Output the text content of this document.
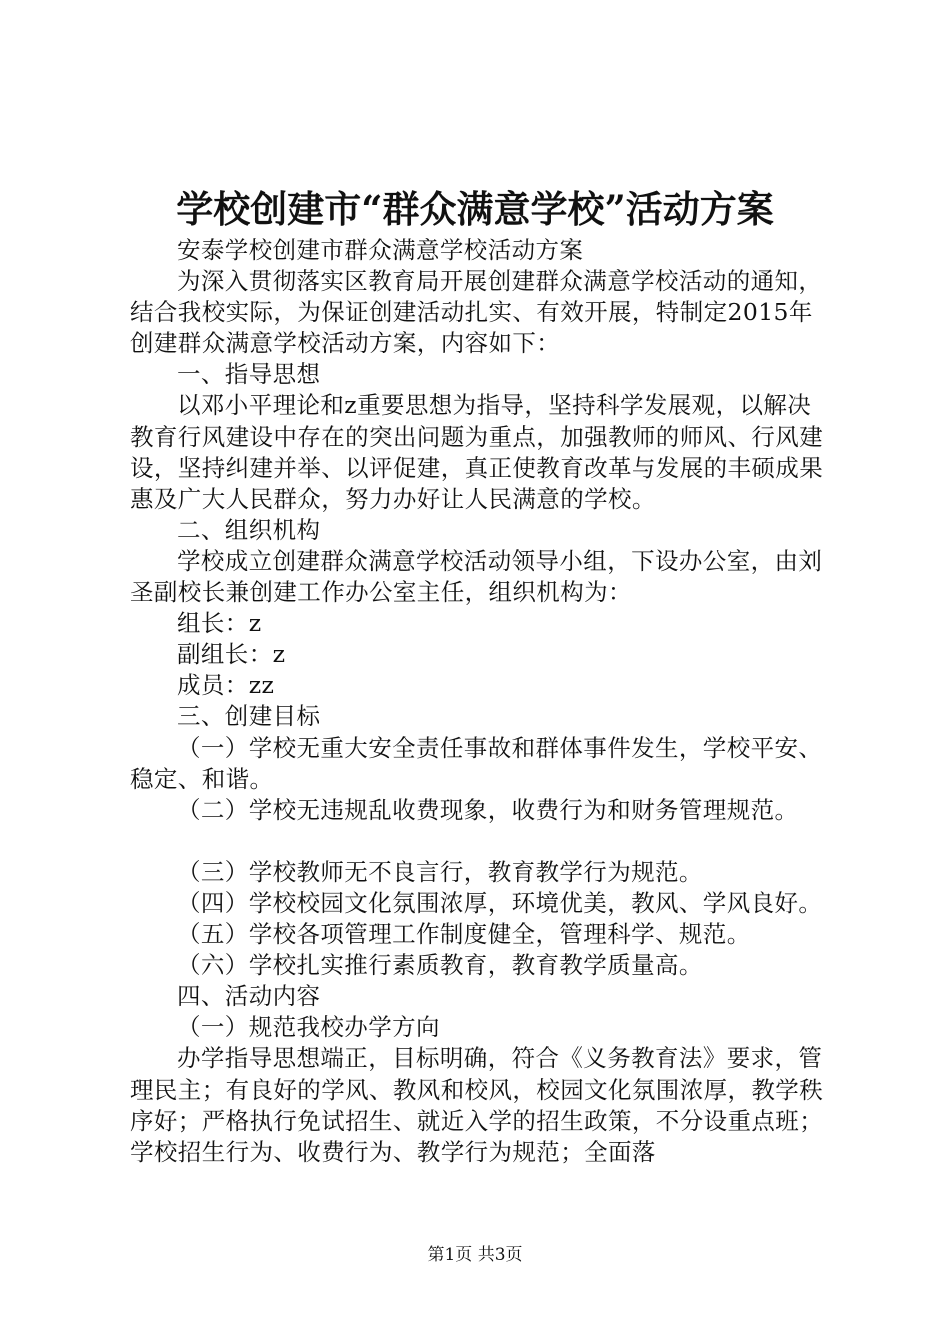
学校创建市“群众满意学校”活动方案

安泰学校创建市群众满意学校活动方案

为深入贯彻落实区教育局开展创建群众满意学校活动的通知，结合我校实际，为保证创建活动扎实、有效开展，特制定2015年创建群众满意学校活动方案，内容如下：

一、指导思想

以邓小平理论和z重要思想为指导，坚持科学发展观，以解决教育行风建设中存在的突出问题为重点，加强教师的师风、行风建设，坚持纠建并举、以评促建，真正使教育改革与发展的丰硕成果惠及广大人民群众，努力办好让人民满意的学校。

二、组织机构

学校成立创建群众满意学校活动领导小组，下设办公室，由刘圣副校长兼创建工作办公室主任，组织机构为：

组长：z

副组长：z

成员：zz

三、创建目标

（一）学校无重大安全责任事故和群体事件发生，学校平安、稳定、和谐。

（二）学校无违规乱收费现象，收费行为和财务管理规范。

（三）学校教师无不良言行，教育教学行为规范。

（四）学校校园文化氛围浓厚，环境优美，教风、学风良好。

（五）学校各项管理工作制度健全，管理科学、规范。

（六）学校扎实推行素质教育，教育教学质量高。

四、活动内容

（一）规范我校办学方向

办学指导思想端正，目标明确，符合《义务教育法》要求，管理民主；有良好的学风、教风和校风，校园文化氛围浓厚，教学秩序好；严格执行免试招生、就近入学的招生政策，不分设重点班；学校招生行为、收费行为、教学行为规范；全面落

第1页 共3页
